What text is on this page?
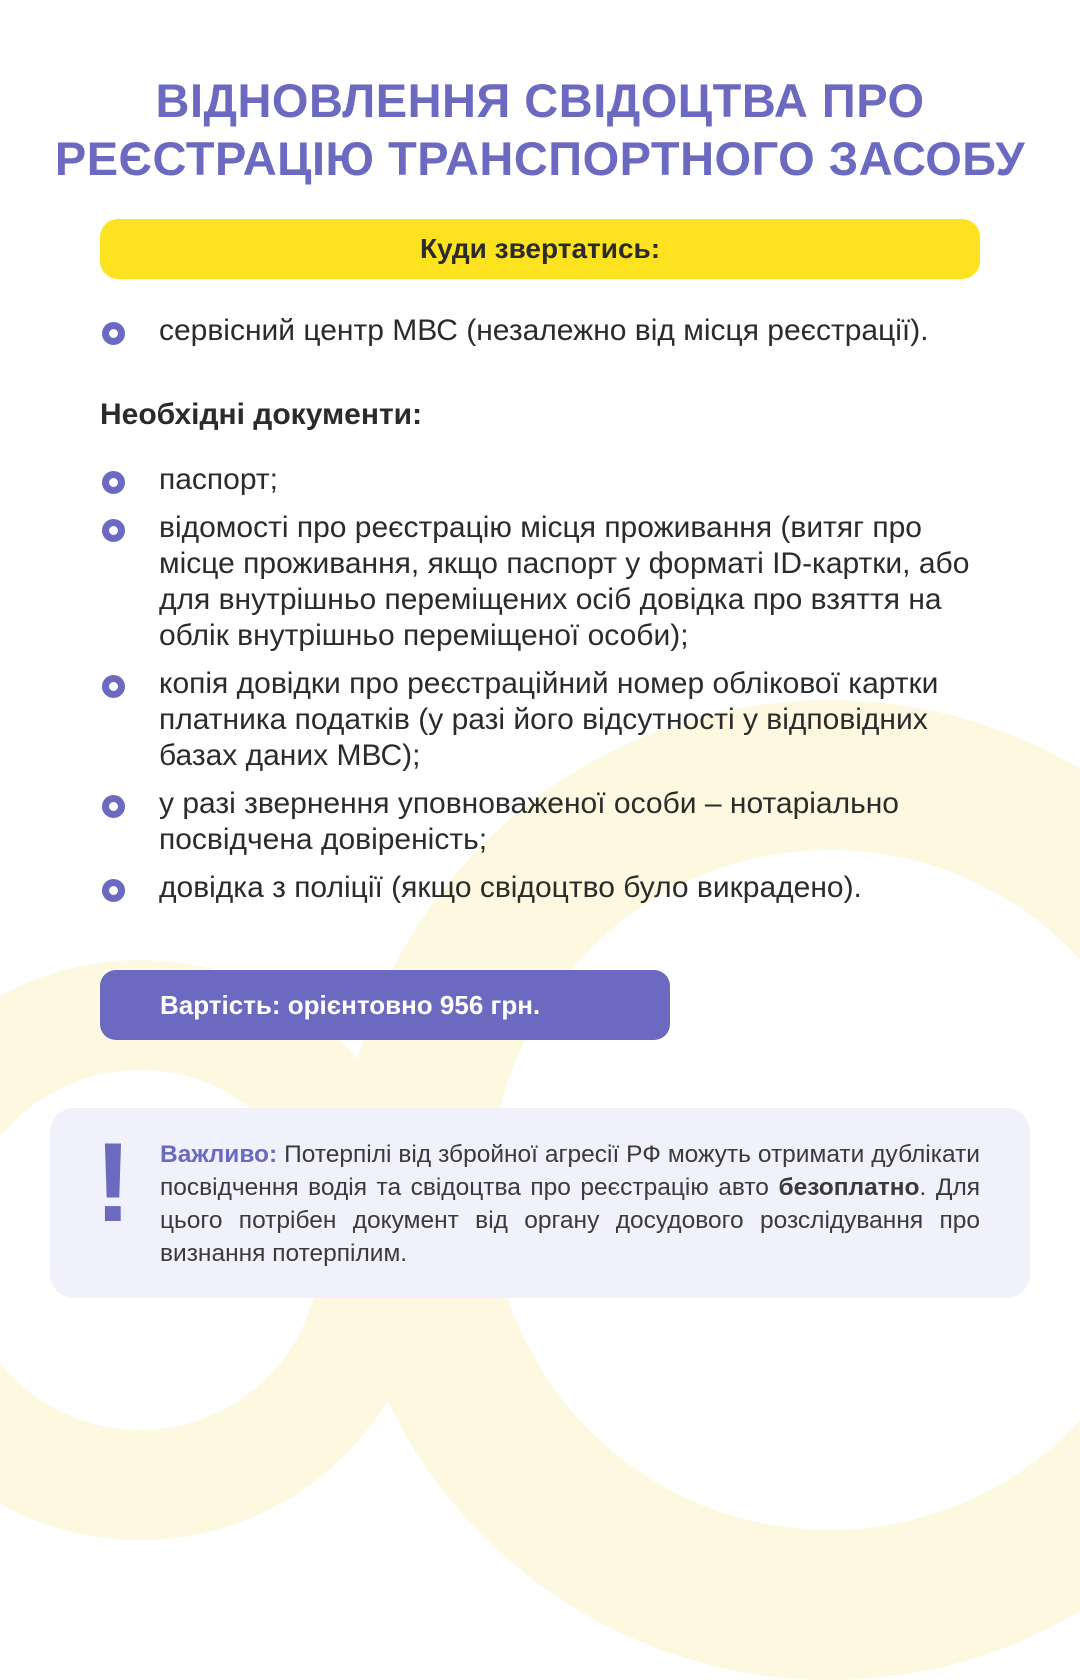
ВІДНОВЛЕННЯ СВІДОЦТВА ПРО
РЕЄСТРАЦІЮ ТРАНСПОРТНОГО ЗАСОБУ
Куди звертатись:
сервісний центр МВС (незалежно від місця реєстрації).
Необхідні документи:
паспорт;
відомості про реєстрацію місця проживання (витяг про місце проживання, якщо паспорт у форматі ID-картки, або для внутрішньо переміщених осіб довідка про взяття на облік внутрішньо переміщеної особи);
копія довідки про реєстраційний номер облікової картки платника податків (у разі його відсутності у відповідних базах даних МВС);
у разі звернення уповноваженої особи – нотаріально посвідчена довіреність;
довідка з поліції (якщо свідоцтво було викрадено).
Вартість: орієнтовно 956 грн.
! Важливо: Потерпілі від збройної агресії РФ можуть отримати дублікати посвідчення водія та свідоцтва про реєстрацію авто безоплатно. Для цього потрібен документ від органу досудового розслідування про визнання потерпілим.
